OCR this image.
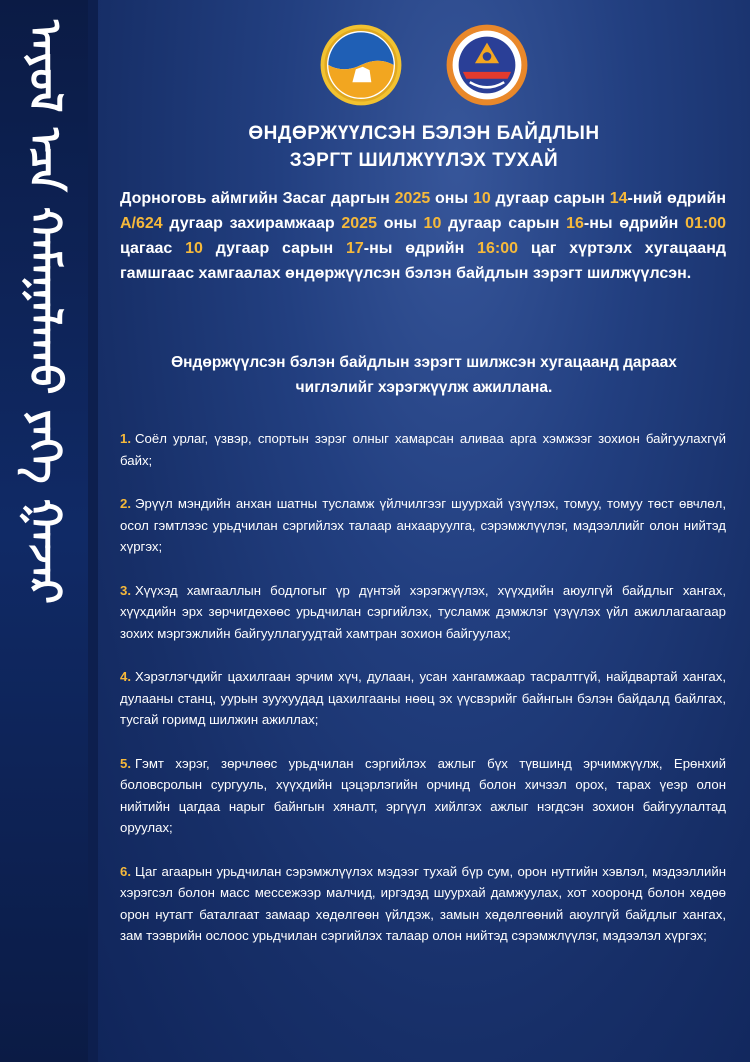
ᠠᠶᠤᠯ ᠡᠴᠡ ᠬᠠᠮᠠᠭᠠᠯᠠᠬᠤ ᠶᠡᠬᠡ ᠭᠠᠵᠠᠷ	ӨНДӨРЖҮҮЛСЭН БЭЛЭН БАЙДЛЫН
ЗЭРГТ ШИЛЖҮҮЛЭХ ТУХАЙ
Дорноговь аймгийн Засаг даргын 2025 оны 10 дугаар сарын 14-ний өдрийн А/624 дугаар захирамжаар 2025 оны 10 дугаар сарын 16-ны өдрийн 01:00 цагаас 10 дугаар сарын 17-ны өдрийн 16:00 цаг хүртэлх хугацаанд гамшгаас хамгаалах өндөржүүлсэн бэлэн байдлын зэрэгт шилжүүлсэн.
Өндөржүүлсэн бэлэн байдлын зэрэгт шилжсэн хугацаанд дараах
чиглэлийг хэрэгжүүлж ажиллана.
1. Соёл урлаг, үзвэр, спортын зэрэг олныг хамарсан аливаа арга хэмжээг зохион байгуулахгүй байх;
2. Эрүүл мэндийн анхан шатны тусламж үйлчилгээг шуурхай үзүүлэх, томуу, томуу төст өвчлөл, осол гэмтлээс урьдчилан сэргийлэх талаар анхааруулга, сэрэмжлүүлэг, мэдээллийг олон нийтэд хүргэх;
3. Хүүхэд хамгааллын бодлогыг үр дүнтэй хэрэгжүүлэх, хүүхдийн аюулгүй байдлыг хангах, хүүхдийн эрх зөрчигдөхөөс урьдчилан сэргийлэх, тусламж дэмжлэг үзүүлэх үйл ажиллагаагаар зохих мэргэжлийн байгууллагуудтай хамтран зохион байгуулах;
4. Хэрэглэгчдийг цахилгаан эрчим хүч, дулаан, усан хангамжаар тасралтгүй, найдвартай хангах, дулааны станц, уурын зуухуудад цахилгааны нөөц эх үүсвэрийг байнгын бэлэн байдалд байлгах, тусгай горимд шилжин ажиллах;
5. Гэмт хэрэг, зөрчлөөс урьдчилан сэргийлэх ажлыг бүх түвшинд эрчимжүүлж, Ерөнхий боловсролын сургууль, хүүхдийн цэцэрлэгийн орчинд болон хичээл орох, тарах үеэр олон нийтийн цагдаа нарыг байнгын хяналт, эргүүл хийлгэх ажлыг нэгдсэн зохион байгуулалтад оруулах;
6. Цаг агаарын урьдчилан сэрэмжлүүлэх мэдээг тухай бүр сум, орон нутгийн хэвлэл, мэдээллийн хэрэгсэл болон масс мессежээр малчид, иргэдэд шуурхай дамжуулах, хот хооронд болон хөдөө орон нутагт баталгаат замаар хөдөлгөөн үйлдэж, замын хөдөлгөөний аюулгүй байдлыг хангах, зам тээврийн ослоос урьдчилан сэргийлэх талаар олон нийтэд сэрэмжлүүлэг, мэдээлэл хүргэх;
